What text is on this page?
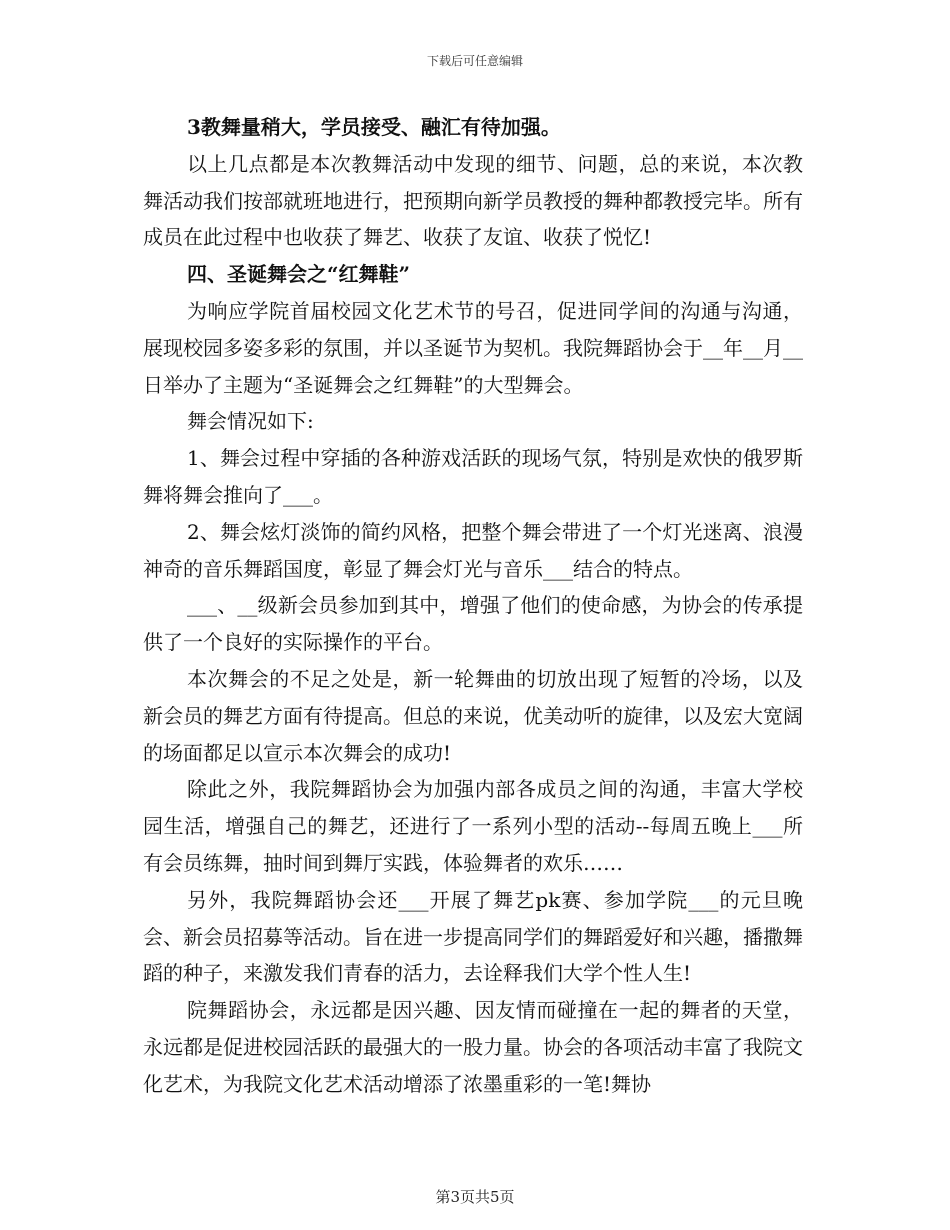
下载后可任意编辑

3教舞量稍大，学员接受、融汇有待加强。

以上几点都是本次教舞活动中发现的细节、问题，总的来说，本次教舞活动我们按部就班地进行，把预期向新学员教授的舞种都教授完毕。所有成员在此过程中也收获了舞艺、收获了友谊、收获了悦忆!

四、圣诞舞会之“红舞鞋”

为响应学院首届校园文化艺术节的号召，促进同学间的沟通与沟通，展现校园多姿多彩的氛围，并以圣诞节为契机。我院舞蹈协会于__年__月__日举办了主题为“圣诞舞会之红舞鞋”的大型舞会。

舞会情况如下:

1、舞会过程中穿插的各种游戏活跃的现场气氛，特别是欢快的俄罗斯舞将舞会推向了___。

2、舞会炫灯淡饰的简约风格，把整个舞会带进了一个灯光迷离、浪漫神奇的音乐舞蹈国度，彰显了舞会灯光与音乐___结合的特点。

___、__级新会员参加到其中，增强了他们的使命感，为协会的传承提供了一个良好的实际操作的平台。

本次舞会的不足之处是，新一轮舞曲的切放出现了短暂的冷场，以及新会员的舞艺方面有待提高。但总的来说，优美动听的旋律，以及宏大宽阔的场面都足以宣示本次舞会的成功!

除此之外，我院舞蹈协会为加强内部各成员之间的沟通，丰富大学校园生活，增强自己的舞艺，还进行了一系列小型的活动--每周五晚上___所有会员练舞，抽时间到舞厅实践，体验舞者的欢乐……

另外，我院舞蹈协会还___开展了舞艺pk赛、参加学院___的元旦晚会、新会员招募等活动。旨在进一步提高同学们的舞蹈爱好和兴趣，播撒舞蹈的种子，来激发我们青春的活力，去诠释我们大学个性人生!

院舞蹈协会，永远都是因兴趣、因友情而碰撞在一起的舞者的天堂，永远都是促进校园活跃的最强大的一股力量。协会的各项活动丰富了我院文化艺术，为我院文化艺术活动增添了浓墨重彩的一笔!舞协

第3页共5页
